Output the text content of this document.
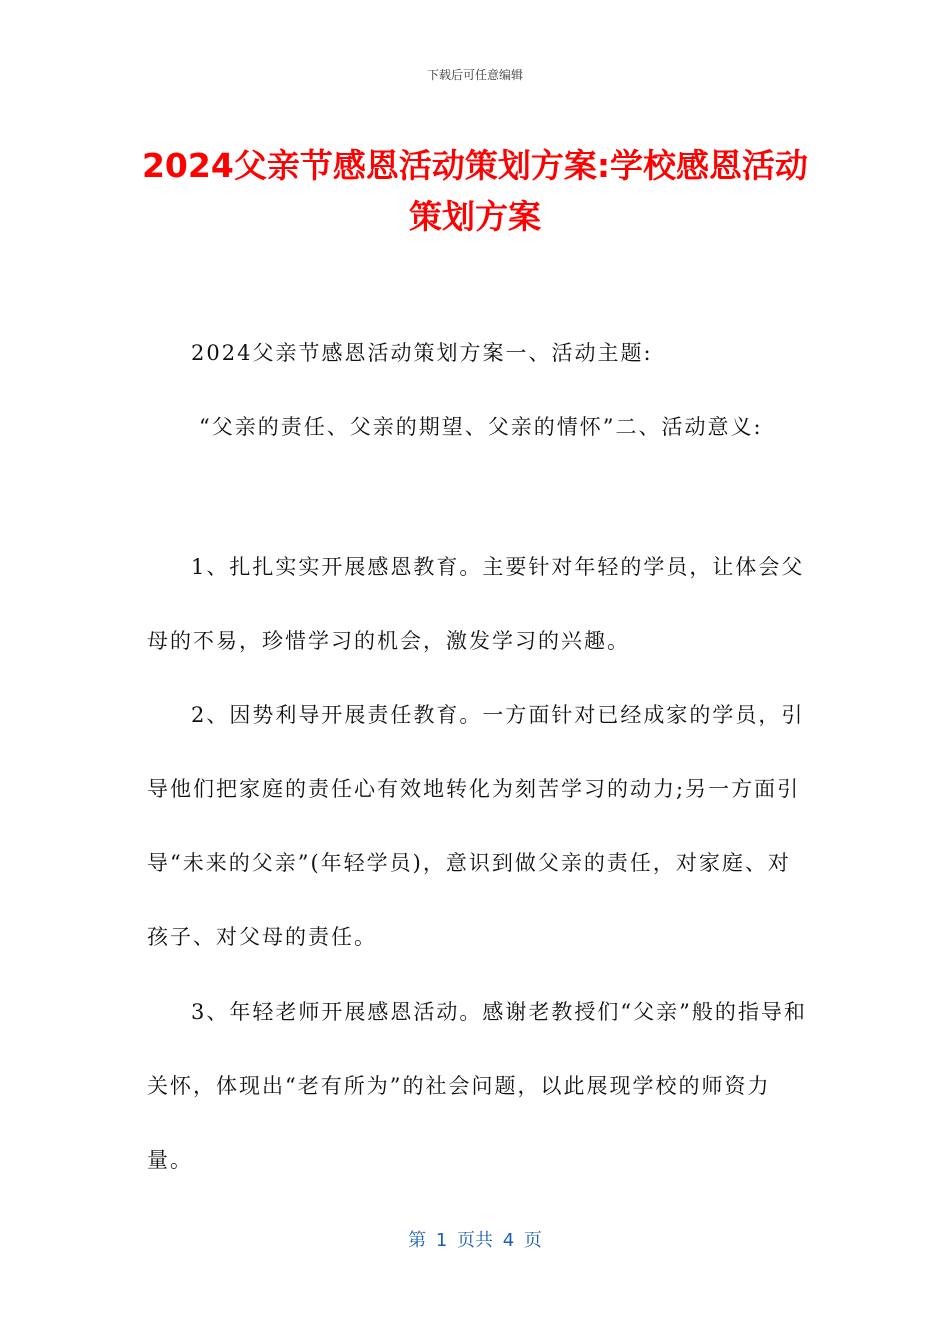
下载后可任意编辑
2024父亲节感恩活动策划方案:学校感恩活动策划方案

2024父亲节感恩活动策划方案一、活动主题:

“父亲的责任、父亲的期望、父亲的情怀”二、活动意义:

1、扎扎实实开展感恩教育。主要针对年轻的学员，让体会父母的不易，珍惜学习的机会，激发学习的兴趣。

2、因势利导开展责任教育。一方面针对已经成家的学员，引导他们把家庭的责任心有效地转化为刻苦学习的动力;另一方面引导“未来的父亲”(年轻学员)，意识到做父亲的责任，对家庭、对孩子、对父母的责任。

3、年轻老师开展感恩活动。感谢老教授们“父亲”般的指导和关怀，体现出“老有所为”的社会问题，以此展现学校的师资力量。

第 1 页共 4 页
